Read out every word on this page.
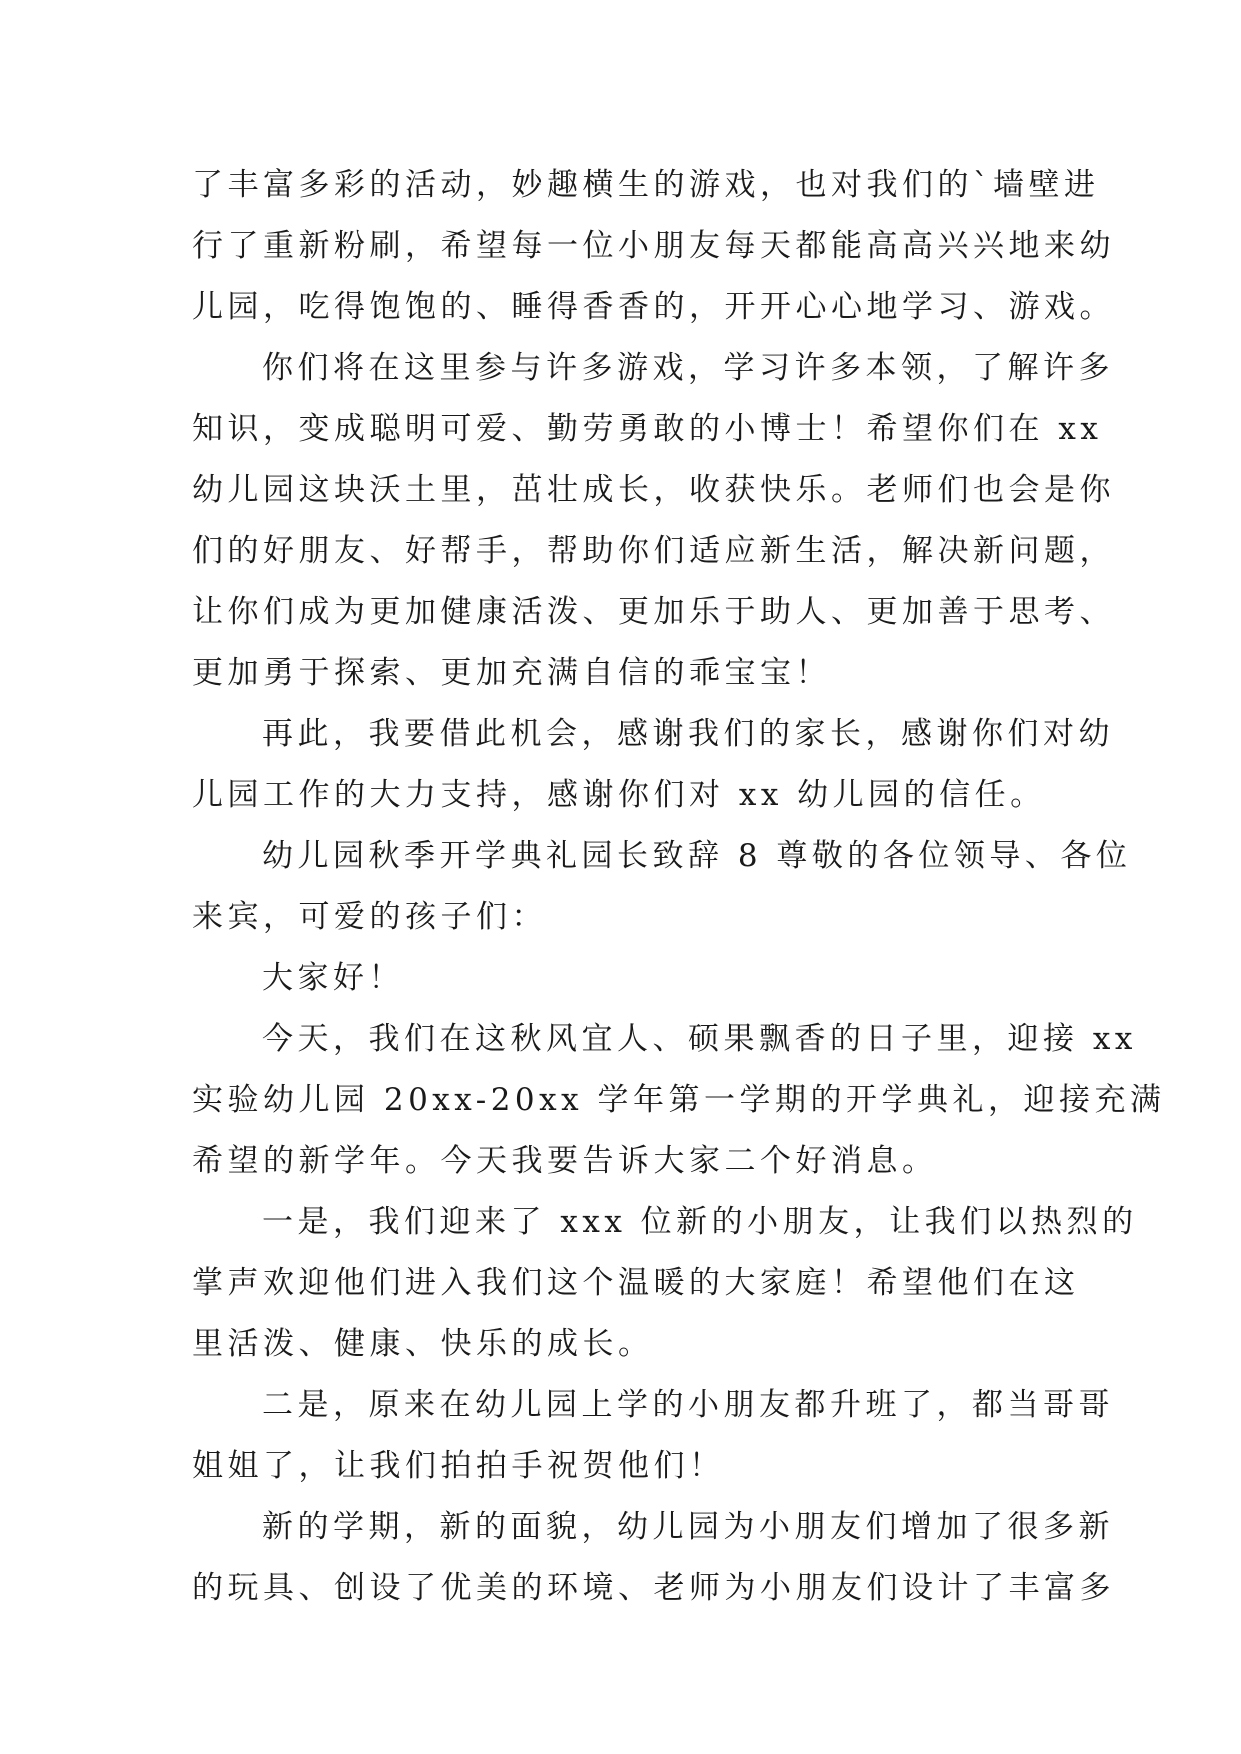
了丰富多彩的活动，妙趣横生的游戏，也对我们的`墙壁进
行了重新粉刷，希望每一位小朋友每天都能高高兴兴地来幼
儿园，吃得饱饱的、睡得香香的，开开心心地学习、游戏。
你们将在这里参与许多游戏，学习许多本领，了解许多
知识，变成聪明可爱、勤劳勇敢的小博士！希望你们在 xx
幼儿园这块沃土里，茁壮成长，收获快乐。老师们也会是你
们的好朋友、好帮手，帮助你们适应新生活，解决新问题，
让你们成为更加健康活泼、更加乐于助人、更加善于思考、
更加勇于探索、更加充满自信的乖宝宝！
再此，我要借此机会，感谢我们的家长，感谢你们对幼
儿园工作的大力支持，感谢你们对 xx 幼儿园的信任。
幼儿园秋季开学典礼园长致辞 8 尊敬的各位领导、各位
来宾，可爱的孩子们：
大家好！
今天，我们在这秋风宜人、硕果飘香的日子里，迎接 xx
实验幼儿园 20xx-20xx 学年第一学期的开学典礼，迎接充满
希望的新学年。今天我要告诉大家二个好消息。
一是，我们迎来了 xxx 位新的小朋友，让我们以热烈的
掌声欢迎他们进入我们这个温暖的大家庭！希望他们在这
里活泼、健康、快乐的成长。
二是，原来在幼儿园上学的小朋友都升班了，都当哥哥
姐姐了，让我们拍拍手祝贺他们！
新的学期，新的面貌，幼儿园为小朋友们增加了很多新
的玩具、创设了优美的环境、老师为小朋友们设计了丰富多
